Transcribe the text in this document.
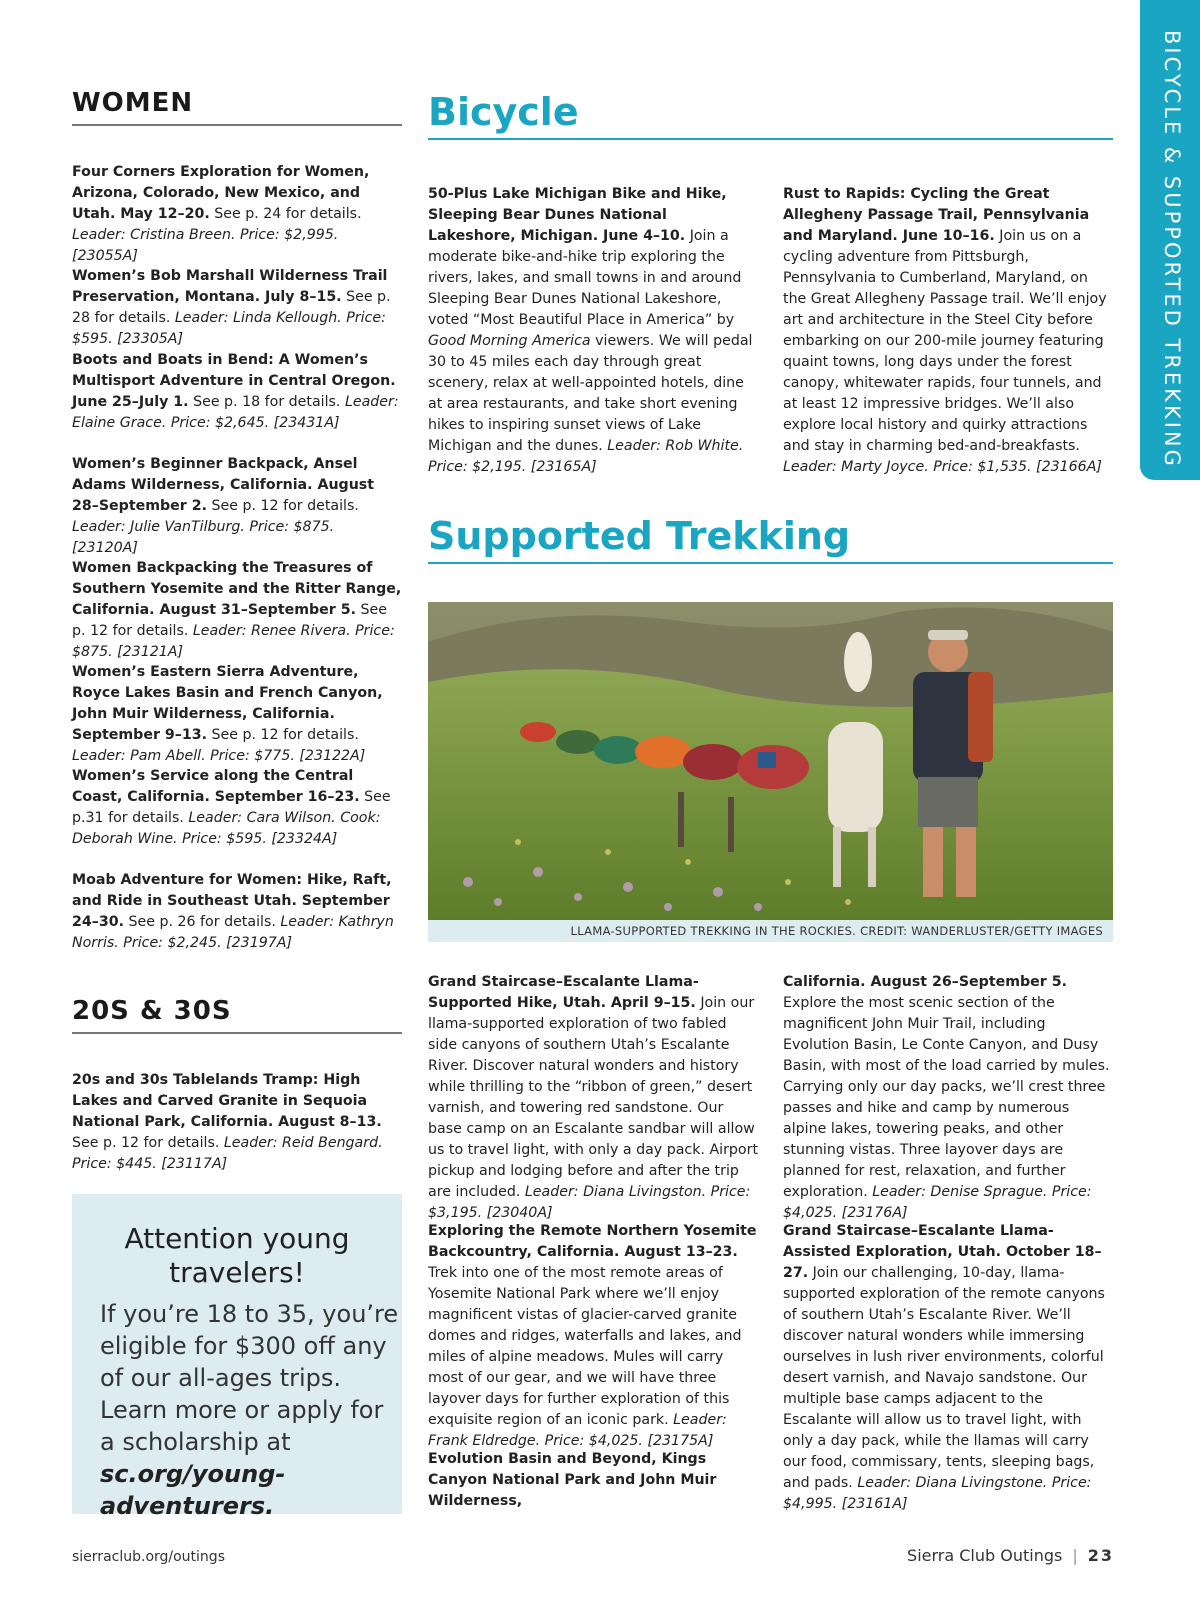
BICYCLE & SUPPORTED TREKKING
WOMEN
Four Corners Exploration for Women, Arizona, Colorado, New Mexico, and Utah. May 12–20. See p. 24 for details. Leader: Cristina Breen. Price: $2,995. [23055A]
Women’s Bob Marshall Wilderness Trail Preservation, Montana. July 8–15. See p. 28 for details. Leader: Linda Kellough. Price: $595. [23305A]
Boots and Boats in Bend: A Women’s Multisport Adventure in Central Oregon. June 25–July 1. See p. 18 for details. Leader: Elaine Grace. Price: $2,645. [23431A]
Women’s Beginner Backpack, Ansel Adams Wilderness, California. August 28–September 2. See p. 12 for details. Leader: Julie VanTilburg. Price: $875. [23120A]
Women Backpacking the Treasures of Southern Yosemite and the Ritter Range, California. August 31–September 5. See p. 12 for details. Leader: Renee Rivera. Price: $875. [23121A]
Women’s Eastern Sierra Adventure, Royce Lakes Basin and French Canyon, John Muir Wilderness, California. September 9–13. See p. 12 for details. Leader: Pam Abell. Price: $775. [23122A]
Women’s Service along the Central Coast, California. September 16–23. See p.31 for details. Leader: Cara Wilson. Cook: Deborah Wine. Price: $595. [23324A]
Moab Adventure for Women: Hike, Raft, and Ride in Southeast Utah. September 24–30. See p. 26 for details. Leader: Kathryn Norris. Price: $2,245. [23197A]
20S & 30S
20s and 30s Tablelands Tramp: High Lakes and Carved Granite in Sequoia National Park, California. August 8–13. See p. 12 for details. Leader: Reid Bengard. Price: $445. [23117A]
Attention young travelers!
If you’re 18 to 35, you’re eligible for $300 off any of our all-ages trips. Learn more or apply for a scholarship at sc.org/young-adventurers.
Bicycle
50-Plus Lake Michigan Bike and Hike, Sleeping Bear Dunes National Lakeshore, Michigan. June 4–10. Join a moderate bike-and-hike trip exploring the rivers, lakes, and small towns in and around Sleeping Bear Dunes National Lakeshore, voted “Most Beautiful Place in America” by Good Morning America viewers. We will pedal 30 to 45 miles each day through great scenery, relax at well-appointed hotels, dine at area restaurants, and take short evening hikes to inspiring sunset views of Lake Michigan and the dunes. Leader: Rob White. Price: $2,195. [23165A]
Rust to Rapids: Cycling the Great Allegheny Passage Trail, Pennsylvania and Maryland. June 10–16. Join us on a cycling adventure from Pittsburgh, Pennsylvania to Cumberland, Maryland, on the Great Allegheny Passage trail. We’ll enjoy art and architecture in the Steel City before embarking on our 200-mile journey featuring quaint towns, long days under the forest canopy, whitewater rapids, four tunnels, and at least 12 impressive bridges. We’ll also explore local history and quirky attractions and stay in charming bed-and-breakfasts. Leader: Marty Joyce. Price: $1,535. [23166A]
Supported Trekking
LLAMA-SUPPORTED TREKKING IN THE ROCKIES. CREDIT: WANDERLUSTER/GETTY IMAGES
Grand Staircase–Escalante Llama-Supported Hike, Utah. April 9–15. Join our llama-supported exploration of two fabled side canyons of southern Utah’s Escalante River. Discover natural wonders and history while thrilling to the “ribbon of green,” desert varnish, and towering red sandstone. Our base camp on an Escalante sandbar will allow us to travel light, with only a day pack. Airport pickup and lodging before and after the trip are included. Leader: Diana Livingston. Price: $3,195. [23040A]
Exploring the Remote Northern Yosemite Backcountry, California. August 13–23. Trek into one of the most remote areas of Yosemite National Park where we’ll enjoy magnificent vistas of glacier-carved granite domes and ridges, waterfalls and lakes, and miles of alpine meadows. Mules will carry most of our gear, and we will have three layover days for further exploration of this exquisite region of an iconic park. Leader: Frank Eldredge. Price: $4,025. [23175A]
Evolution Basin and Beyond, Kings Canyon National Park and John Muir Wilderness,
California. August 26–September 5. Explore the most scenic section of the magnificent John Muir Trail, including Evolution Basin, Le Conte Canyon, and Dusy Basin, with most of the load carried by mules. Carrying only our day packs, we’ll crest three passes and hike and camp by numerous alpine lakes, towering peaks, and other stunning vistas. Three layover days are planned for rest, relaxation, and further exploration. Leader: Denise Sprague. Price: $4,025. [23176A]
Grand Staircase–Escalante Llama-Assisted Exploration, Utah. October 18–27. Join our challenging, 10-day, llama-supported exploration of the remote canyons of southern Utah’s Escalante River. We’ll discover natural wonders while immersing ourselves in lush river environments, colorful desert varnish, and Navajo sandstone. Our multiple base camps adjacent to the Escalante will allow us to travel light, with only a day pack, while the llamas will carry our food, commissary, tents, sleeping bags, and pads. Leader: Diana Livingstone. Price: $4,995. [23161A]
sierraclub.org/outings	Sierra Club Outings | 23
